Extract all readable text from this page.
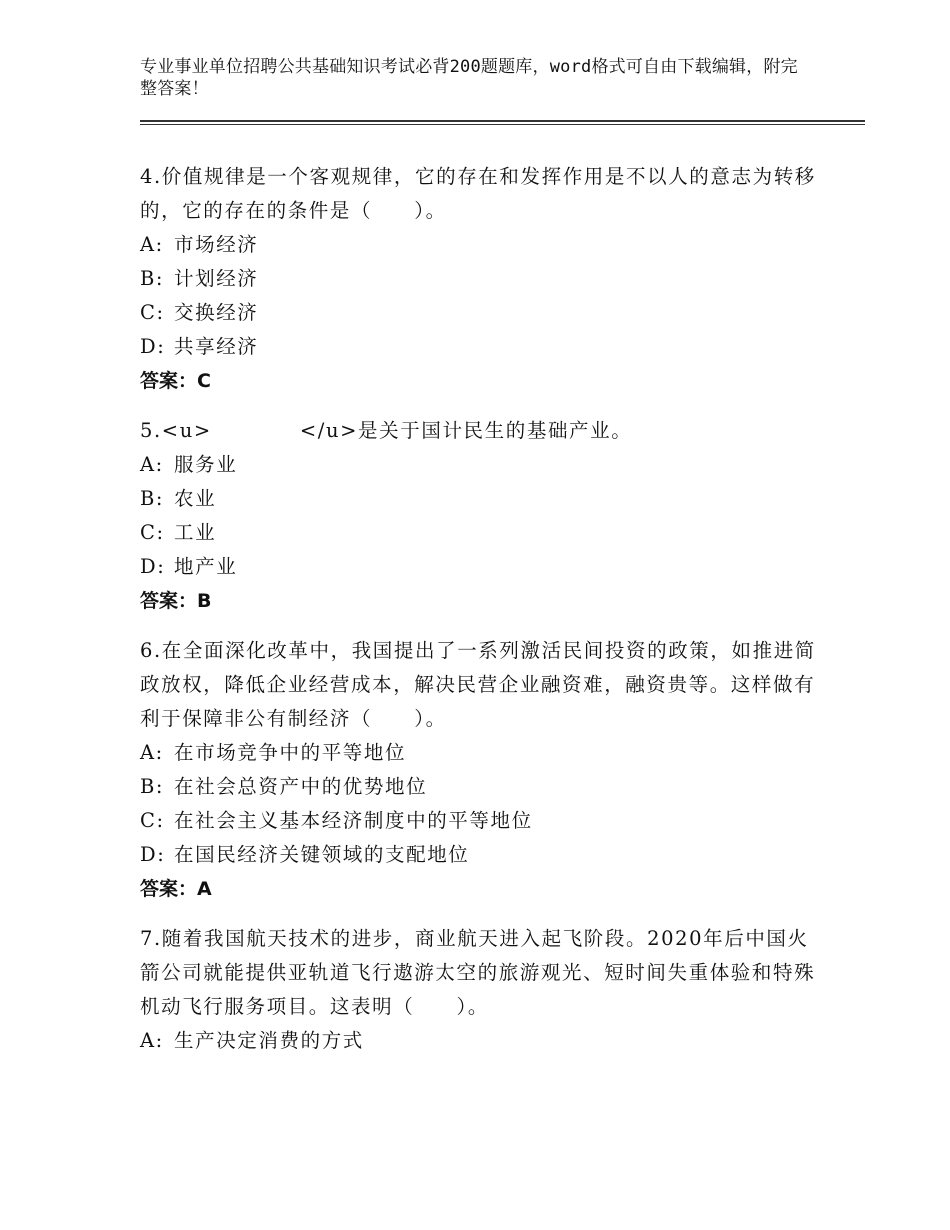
专业事业单位招聘公共基础知识考试必背200题题库，word格式可自由下载编辑，附完整答案！

4.价值规律是一个客观规律，它的存在和发挥作用是不以人的意志为转移的，它的存在的条件是（　　）。

A: 市场经济

B: 计划经济

C: 交换经济

D: 共享经济

答案：C

5.<u>	</u>是关于国计民生的基础产业。

A: 服务业

B: 农业

C: 工业

D: 地产业

答案：B

6.在全面深化改革中，我国提出了一系列激活民间投资的政策，如推进简政放权，降低企业经营成本，解决民营企业融资难，融资贵等。这样做有利于保障非公有制经济（　　）。

A: 在市场竞争中的平等地位

B: 在社会总资产中的优势地位

C: 在社会主义基本经济制度中的平等地位

D: 在国民经济关键领域的支配地位

答案：A

7.随着我国航天技术的进步，商业航天进入起飞阶段。2020年后中国火箭公司就能提供亚轨道飞行遨游太空的旅游观光、短时间失重体验和特殊机动飞行服务项目。这表明（　　）。

A: 生产决定消费的方式
